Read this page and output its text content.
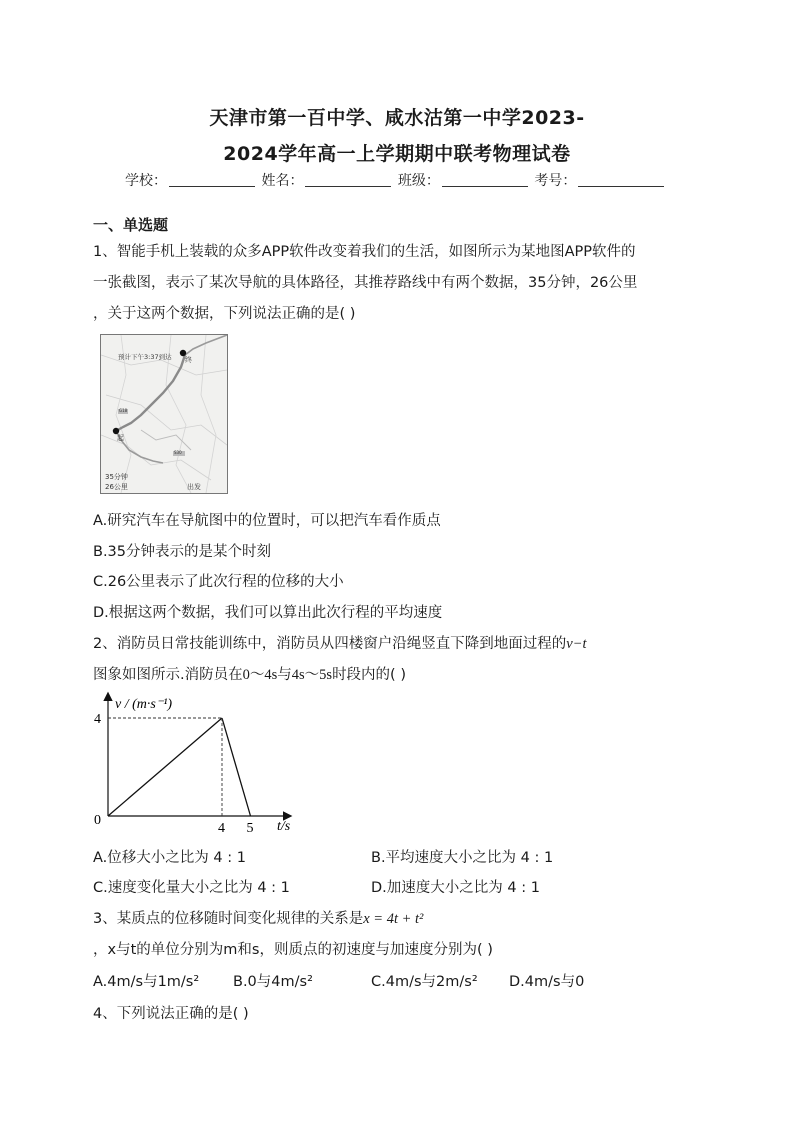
天津市第一百中学、咸水沽第一中学2023-
2024学年高一上学期期中联考物理试卷
学校：	姓名：	班级：	考号：
一、单选题
1、智能手机上装载的众多APP软件改变着我们的生活，如图所示为某地图APP软件的
一张截图，表示了某次导航的具体路径，其推荐路线中有两个数据，35分钟，26公里
，关于这两个数据，下列说法正确的是( )
预计下午3:37到达 终
起
G18
S30
35分钟
26公里	出发
A.研究汽车在导航图中的位置时，可以把汽车看作质点
B.35分钟表示的是某个时刻
C.26公里表示了此次行程的位移的大小
D.根据这两个数据，我们可以算出此次行程的平均速度
2、消防员日常技能训练中，消防员从四楼窗户沿绳竖直下降到地面过程的v−t
图象如图所示.消防员在0～4s与4s～5s时段内的( )
0
4 5
4
v / (m·s⁻¹)
t/s
A.位移大小之比为 4 : 1	B.平均速度大小之比为 4 : 1
C.速度变化量大小之比为 4 : 1	D.加速度大小之比为 4 : 1
3、某质点的位移随时间变化规律的关系是x = 4t + t²
，x与t的单位分别为m和s，则质点的初速度与加速度分别为( )
A.4m/s与1m/s² B.0与4m/s²	C.4m/s与2m/s² D.4m/s与0
4、下列说法正确的是( )
